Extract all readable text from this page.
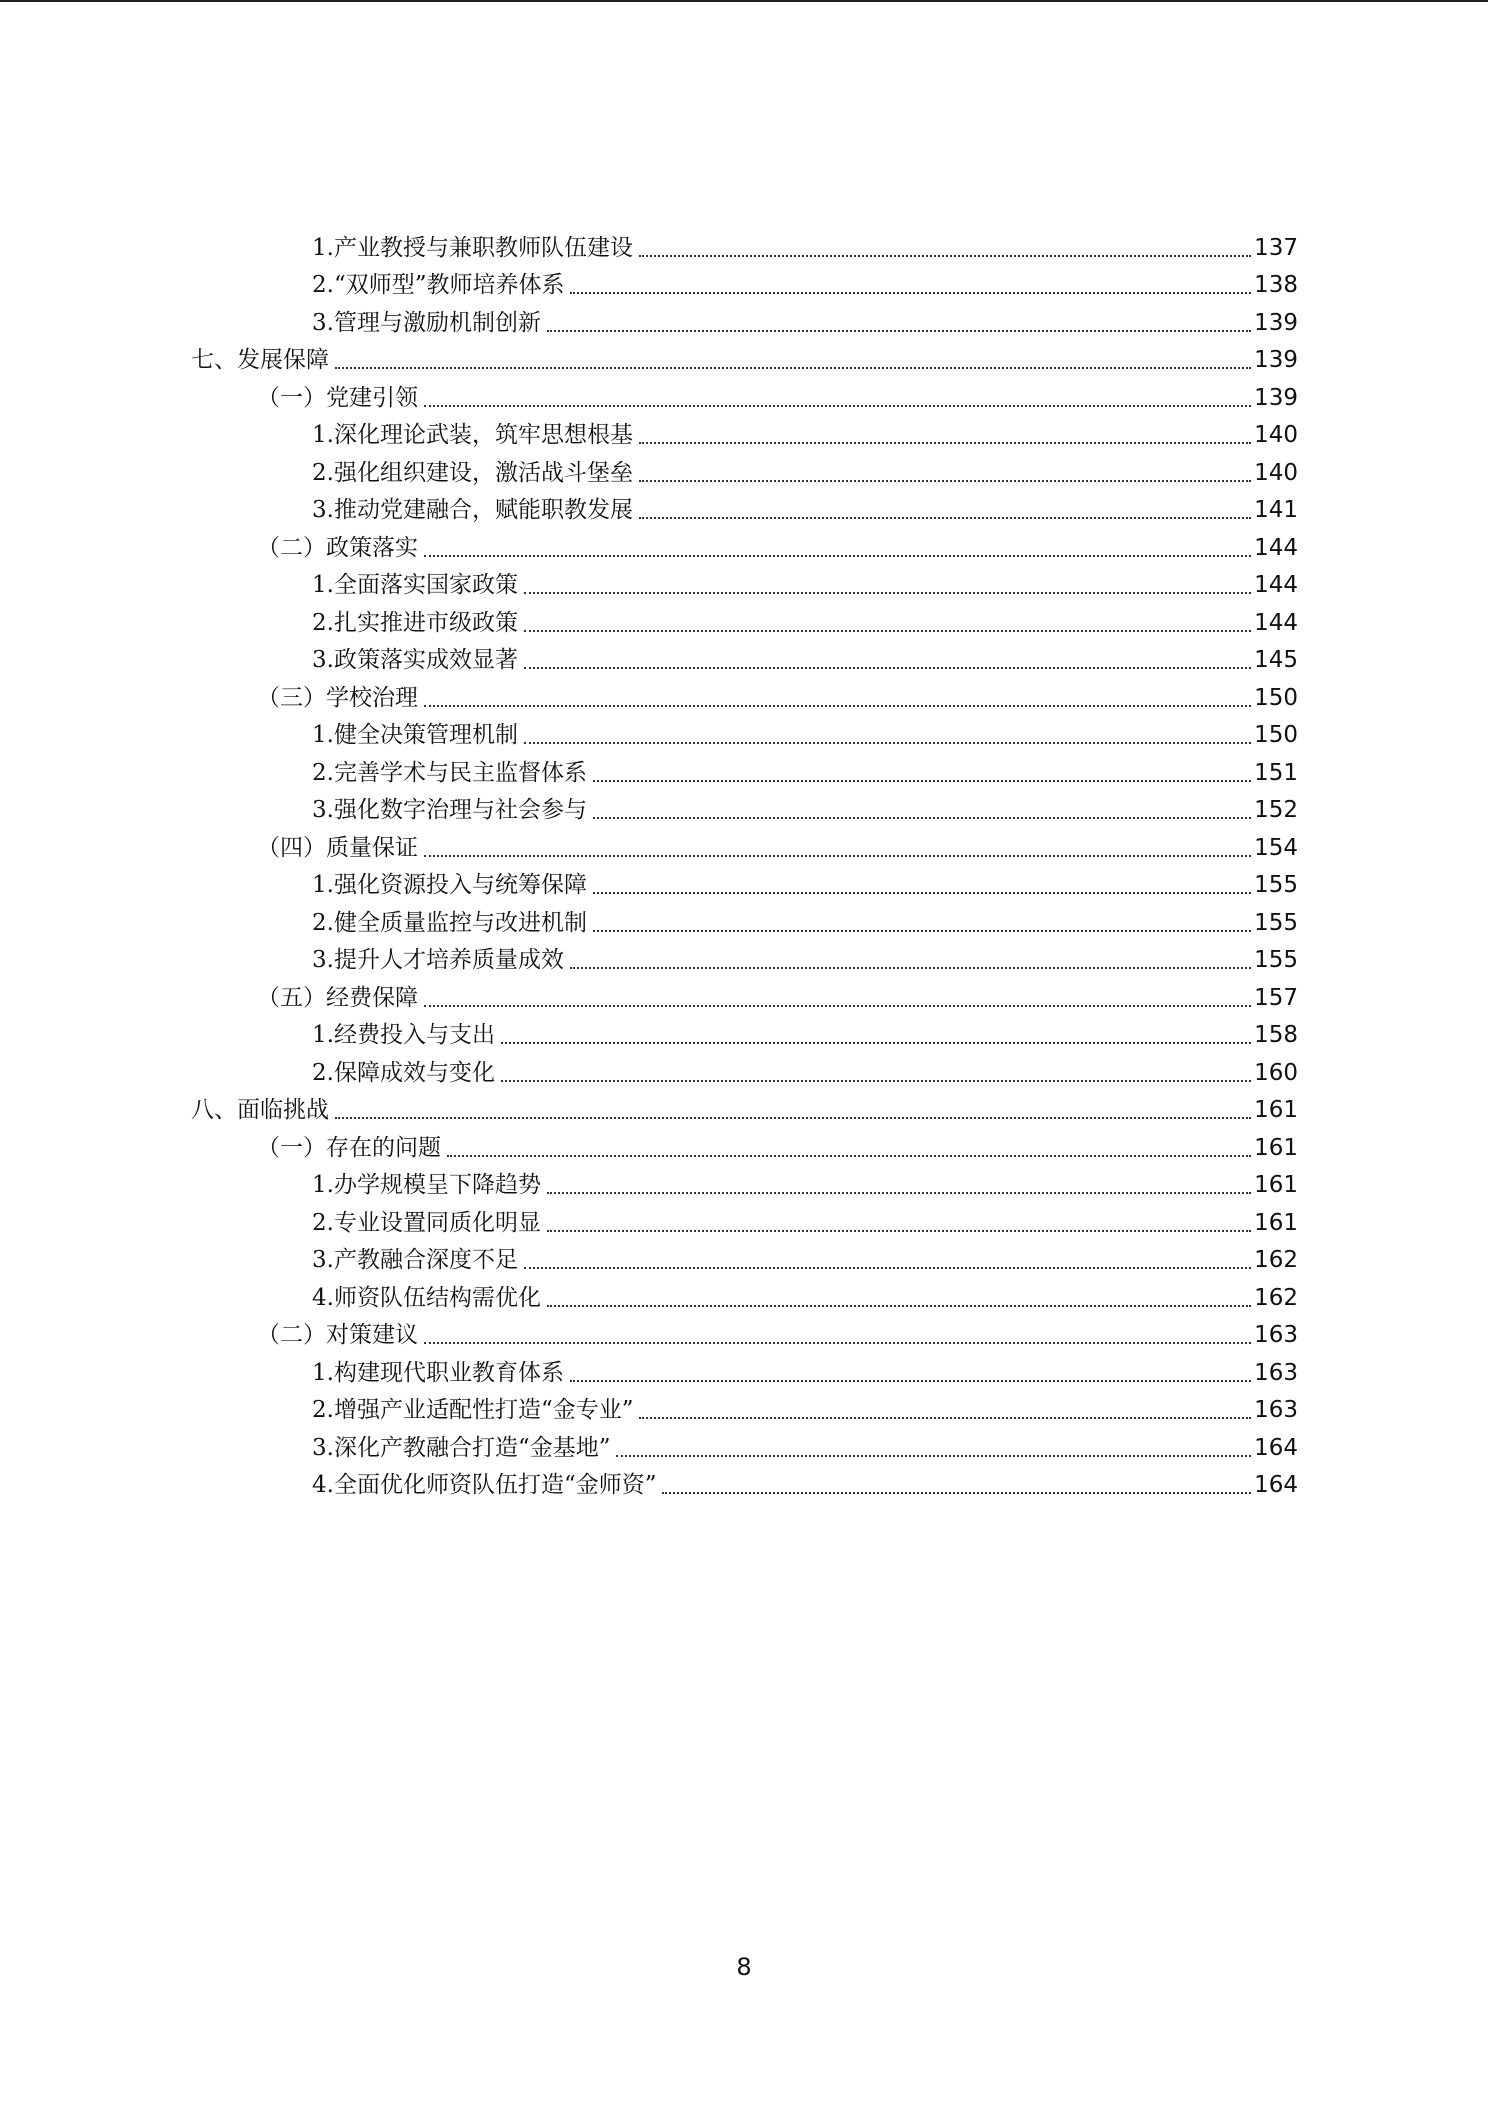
1.产业教授与兼职教师队伍建设	137
2.“双师型”教师培养体系	138
3.管理与激励机制创新	139
七、发展保障	139
（一）党建引领	139
1.深化理论武装，筑牢思想根基	140
2.强化组织建设，激活战斗堡垒	140
3.推动党建融合，赋能职教发展	141
（二）政策落实	144
1.全面落实国家政策	144
2.扎实推进市级政策	144
3.政策落实成效显著	145
（三）学校治理	150
1.健全决策管理机制	150
2.完善学术与民主监督体系	151
3.强化数字治理与社会参与	152
（四）质量保证	154
1.强化资源投入与统筹保障	155
2.健全质量监控与改进机制	155
3.提升人才培养质量成效	155
（五）经费保障	157
1.经费投入与支出	158
2.保障成效与变化	160
八、面临挑战	161
（一）存在的问题	161
1.办学规模呈下降趋势	161
2.专业设置同质化明显	161
3.产教融合深度不足	162
4.师资队伍结构需优化	162
（二）对策建议	163
1.构建现代职业教育体系	163
2.增强产业适配性打造“金专业”	163
3.深化产教融合打造“金基地”	164
4.全面优化师资队伍打造“金师资”	164
8
